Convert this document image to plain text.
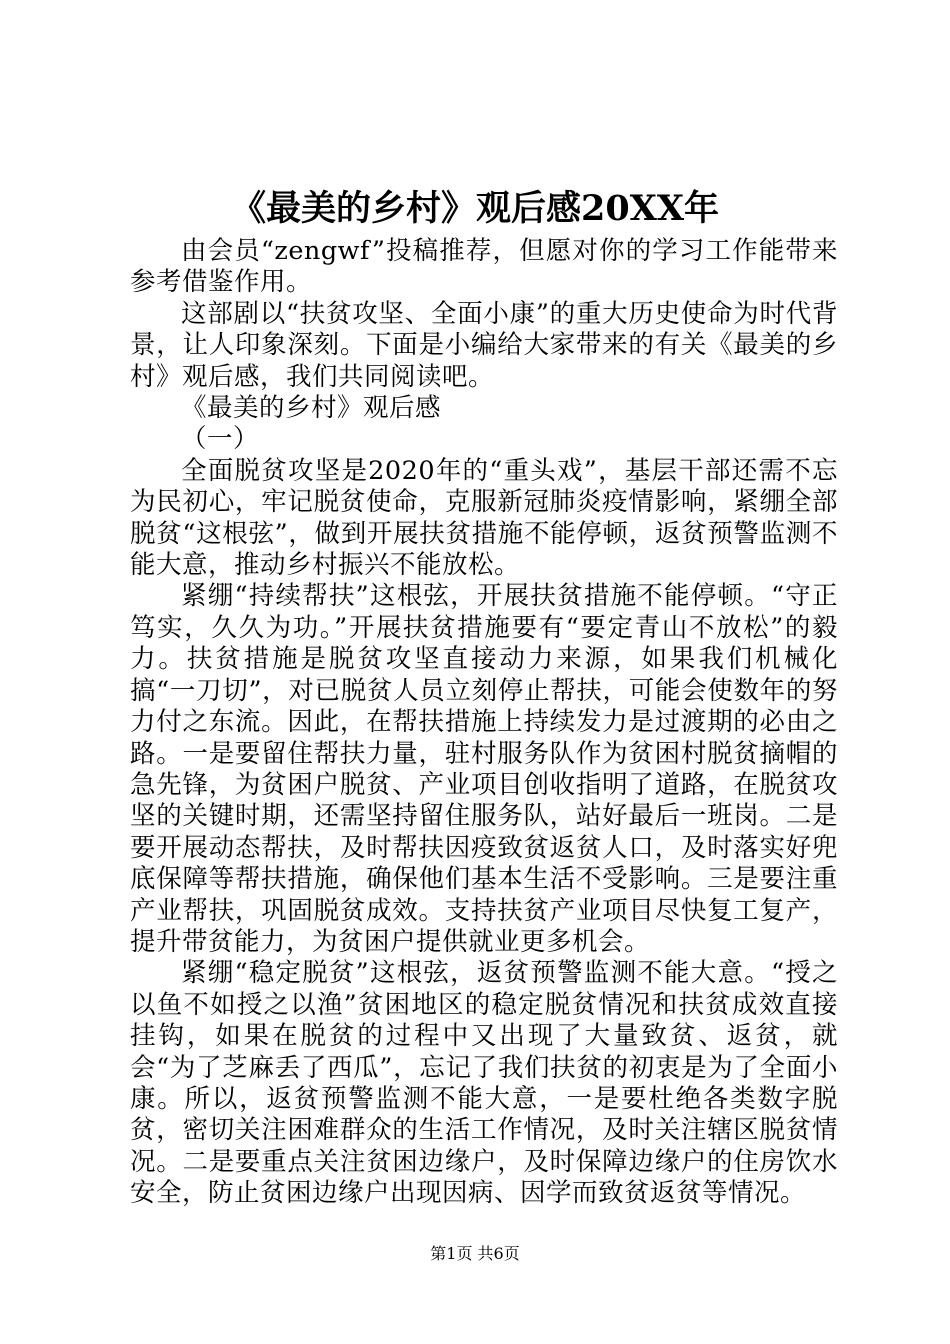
《最美的乡村》观后感20XX年

由会员“zengwf”投稿推荐，但愿对你的学习工作能带来参考借鉴作用。

这部剧以“扶贫攻坚、全面小康”的重大历史使命为时代背景，让人印象深刻。下面是小编给大家带来的有关《最美的乡村》观后感，我们共同阅读吧。

《最美的乡村》观后感

（一）

全面脱贫攻坚是2020年的“重头戏”，基层干部还需不忘为民初心，牢记脱贫使命，克服新冠肺炎疫情影响，紧绷全部脱贫“这根弦”，做到开展扶贫措施不能停顿，返贫预警监测不能大意，推动乡村振兴不能放松。

紧绷“持续帮扶”这根弦，开展扶贫措施不能停顿。“守正笃实，久久为功。”开展扶贫措施要有“要定青山不放松”的毅力。扶贫措施是脱贫攻坚直接动力来源，如果我们机械化搞“一刀切”，对已脱贫人员立刻停止帮扶，可能会使数年的努力付之东流。因此，在帮扶措施上持续发力是过渡期的必由之路。一是要留住帮扶力量，驻村服务队作为贫困村脱贫摘帽的急先锋，为贫困户脱贫、产业项目创收指明了道路，在脱贫攻坚的关键时期，还需坚持留住服务队，站好最后一班岗。二是要开展动态帮扶，及时帮扶因疫致贫返贫人口，及时落实好兜底保障等帮扶措施，确保他们基本生活不受影响。三是要注重产业帮扶，巩固脱贫成效。支持扶贫产业项目尽快复工复产，提升带贫能力，为贫困户提供就业更多机会。

紧绷“稳定脱贫”这根弦，返贫预警监测不能大意。“授之以鱼不如授之以渔”贫困地区的稳定脱贫情况和扶贫成效直接挂钩，如果在脱贫的过程中又出现了大量致贫、返贫，就会“为了芝麻丢了西瓜”，忘记了我们扶贫的初衷是为了全面小康。所以，返贫预警监测不能大意，一是要杜绝各类数字脱贫，密切关注困难群众的生活工作情况，及时关注辖区脱贫情况。二是要重点关注贫困边缘户，及时保障边缘户的住房饮水安全，防止贫困边缘户出现因病、因学而致贫返贫等情况。

第1页 共6页
